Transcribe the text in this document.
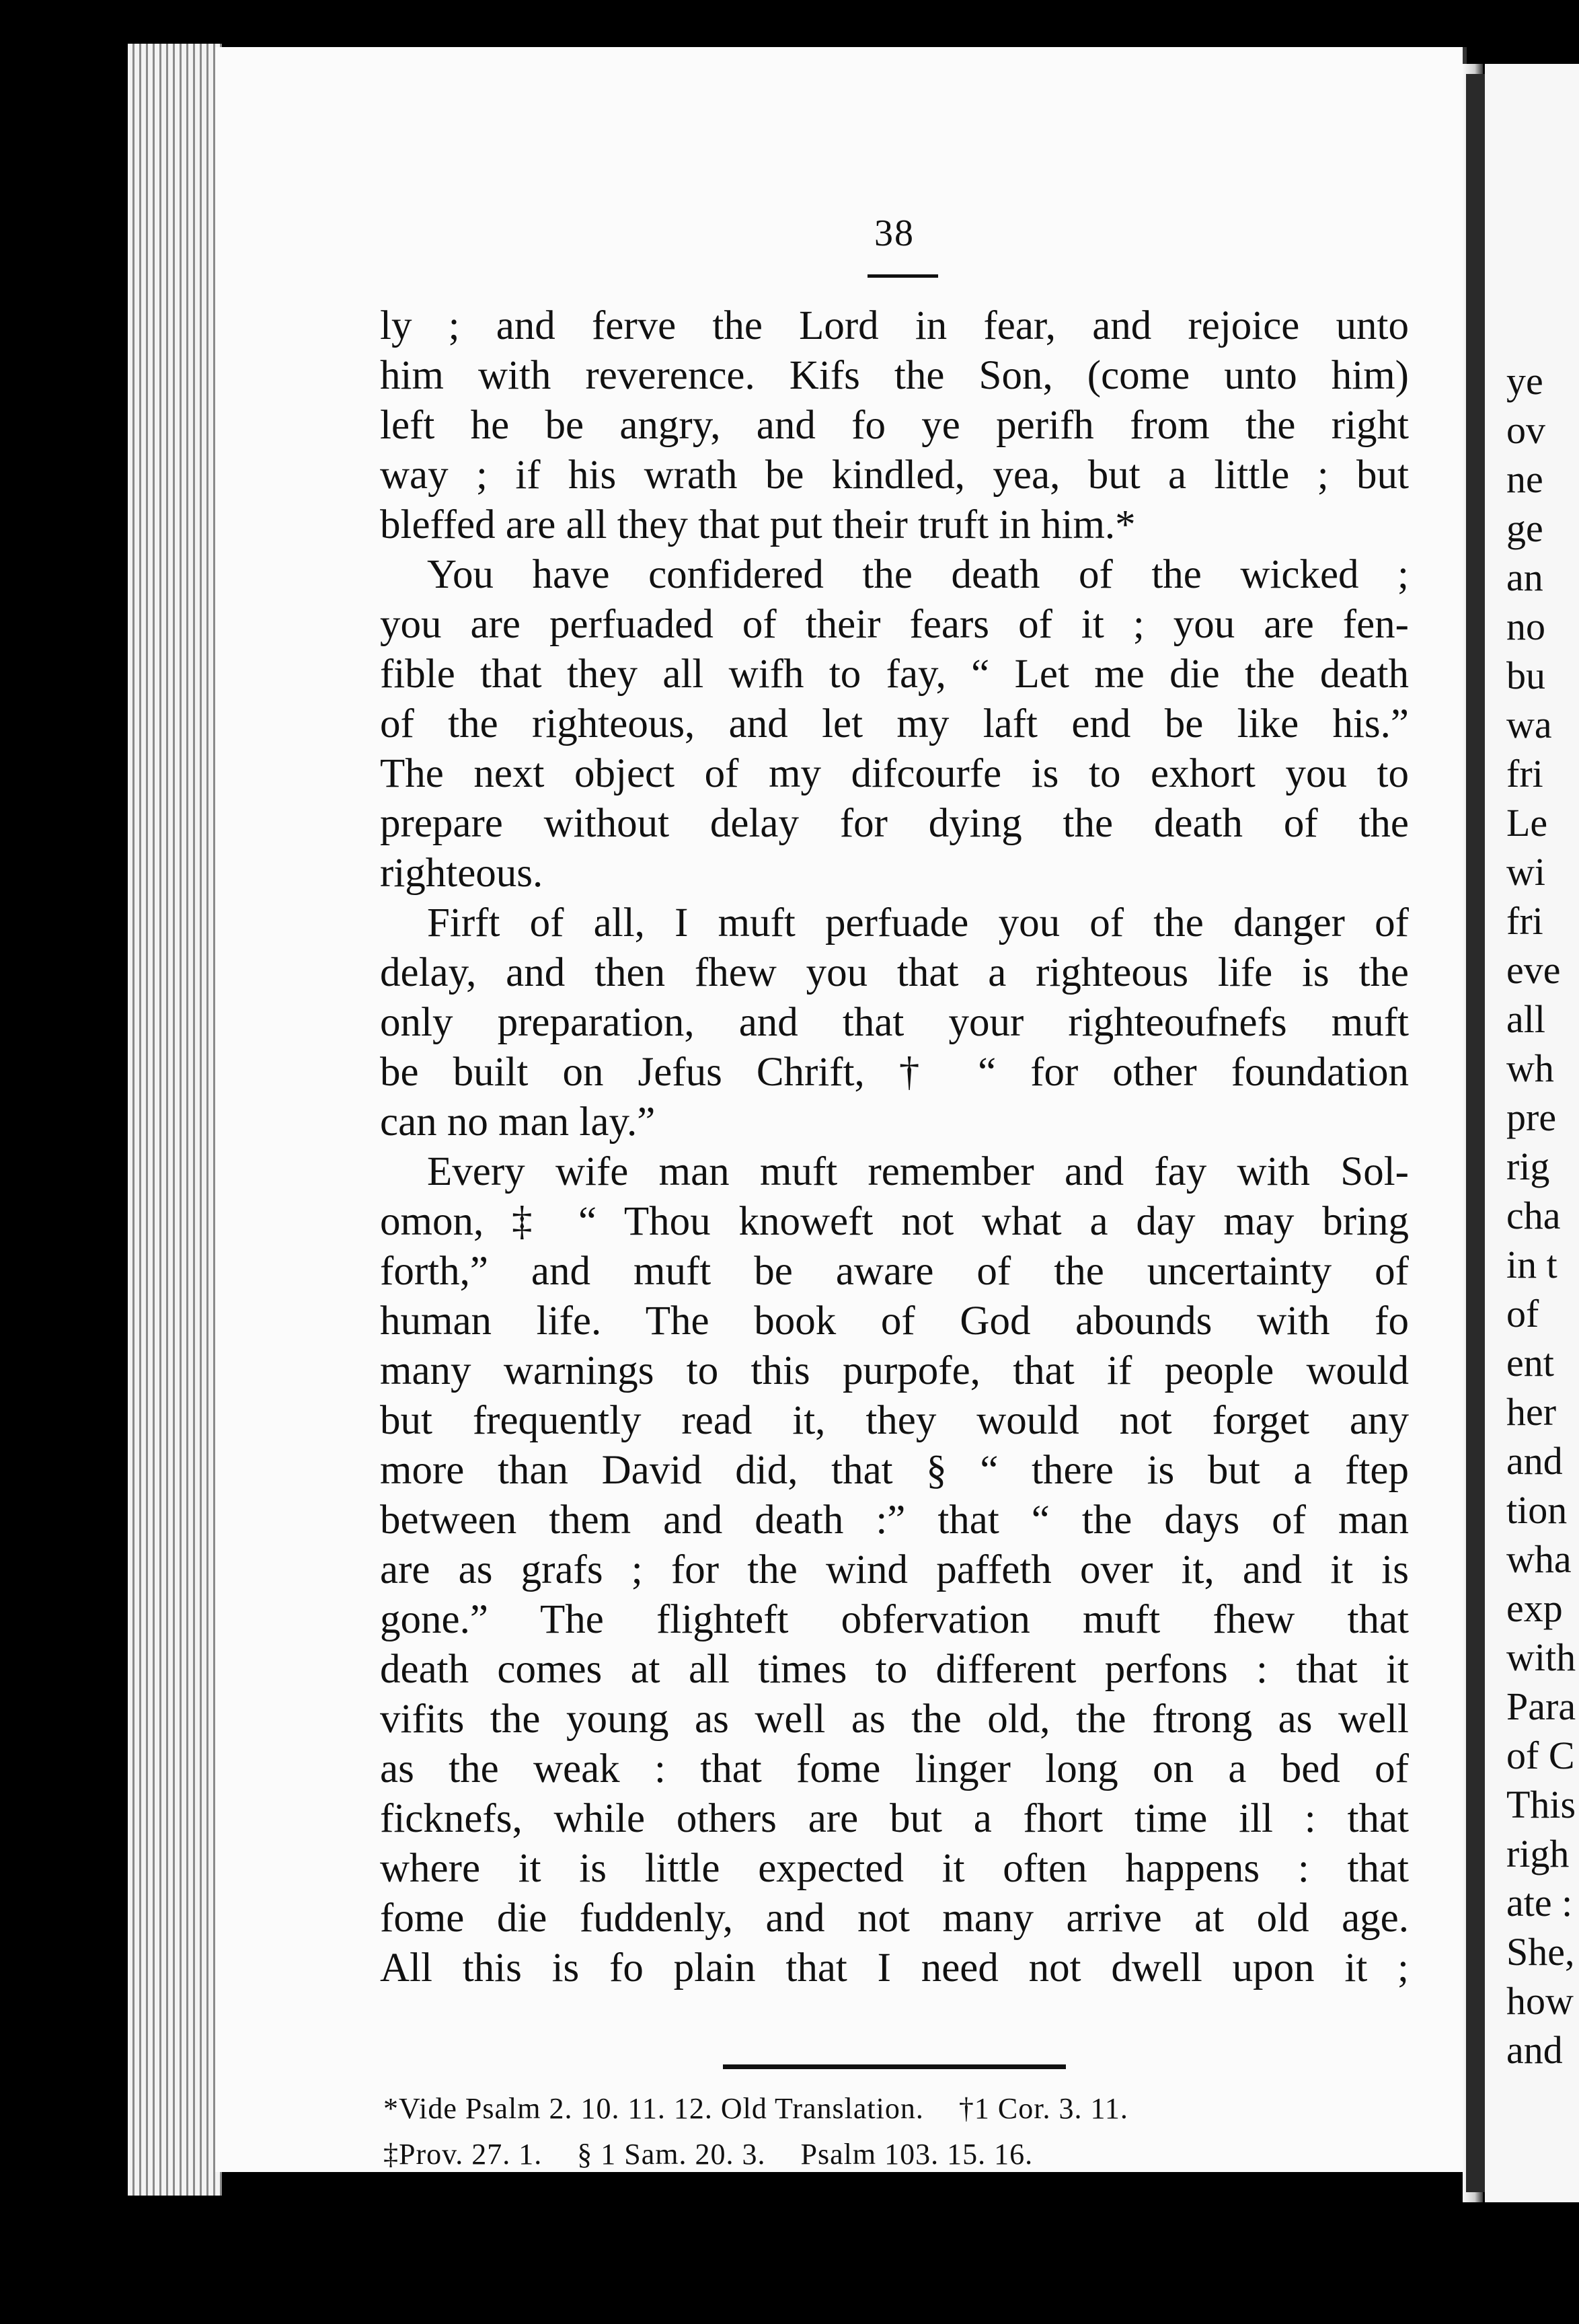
38
ly ; and ferve the Lord in fear, and rejoice unto
him with reverence. Kifs the Son, (come unto him)
left he be angry, and fo ye perifh from the right
way ; if his wrath be kindled, yea, but a little ; but
bleffed are all they that put their truft in him.*
You have confidered the death of the wicked ;
you are perfuaded of their fears of it ; you are fen-
fible that they all wifh to fay, “ Let me die the death
of the righteous, and let my laft end be like his.”
The next object of my difcourfe is to exhort you to
prepare without delay for dying the death of the
righteous.
Firft of all, I muft perfuade you of the danger of
delay, and then fhew you that a righteous life is the
only preparation, and that your righteoufnefs muft
be built on Jefus Chrift, † “ for other foundation
can no man lay.”
Every wife man muft remember and fay with Sol-
omon, ‡ “ Thou knoweft not what a day may bring
forth,” and muft be aware of the uncertainty of
human life. The book of God abounds with fo
many warnings to this purpofe, that if people would
but frequently read it, they would not forget any
more than David did, that § “ there is but a ftep
between them and death :” that “ the days of man
are as grafs ; for the wind paffeth over it, and it is
gone.” The flighteft obfervation muft fhew that
death comes at all times to different perfons : that it
vifits the young as well as the old, the ftrong as well
as the weak : that fome linger long on a bed of
ficknefs, while others are but a fhort time ill : that
where it is little expected it often happens : that
fome die fuddenly, and not many arrive at old age.
All this is fo plain that I need not dwell upon it ;
*Vide Psalm 2. 10. 11. 12. Old Translation. †1 Cor. 3. 11.
‡Prov. 27. 1. § 1 Sam. 20. 3. Psalm 103. 15. 16.
ye
ov
ne
ge
an
no
bu
wa
fri
Le
wi
fri
eve
all
wh
pre
rig
cha
in t
of
ent
her
and
tion
wha
exp
with
Para
of C
This
righ
ate :
She,
how
and
